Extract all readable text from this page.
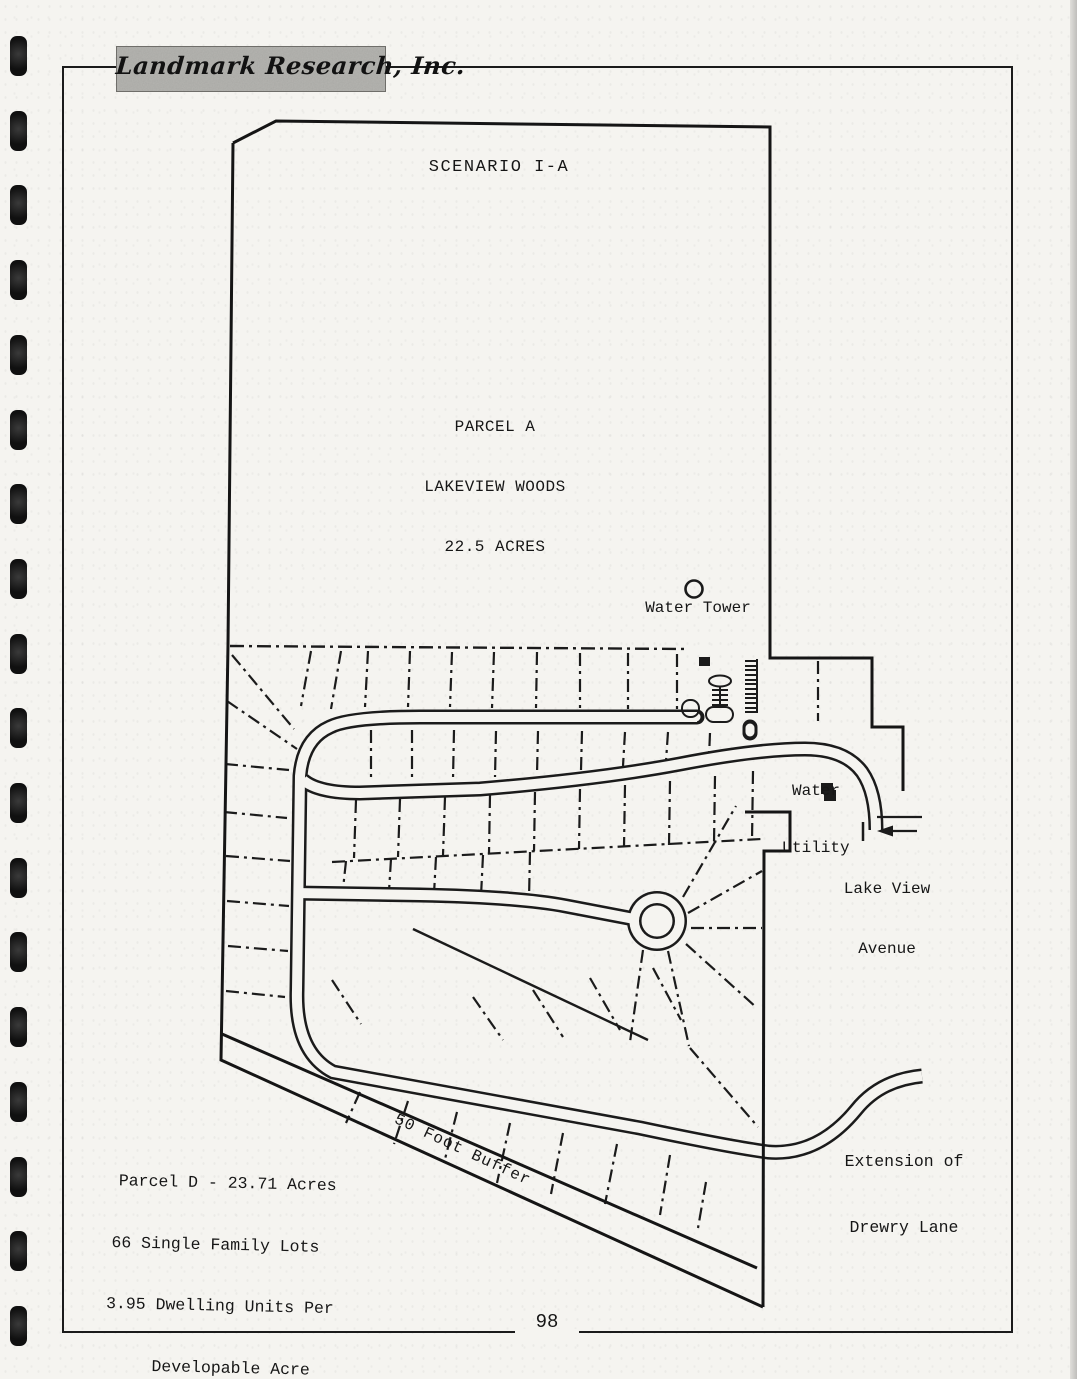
Landmark Research, Inc.
SCENARIO I-A

PARCEL A

LAKEVIEW WOODS

22.5 ACRES

Water Tower

Water

Utility

Lake View

Avenue

Extension of

Drewry Lane

Parcel D - 23.71 Acres

66 Single Family Lots

3.95 Dwelling Units Per

Developable Acre

50 Foot Buffer
98
